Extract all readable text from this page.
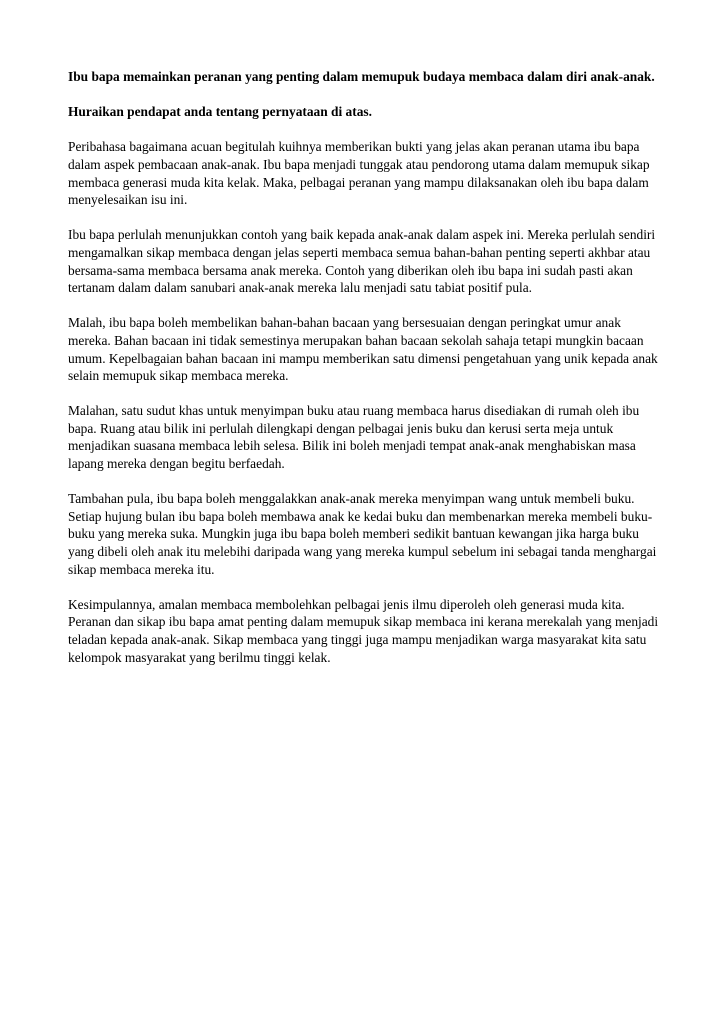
Ibu bapa memainkan peranan yang penting dalam memupuk budaya membaca dalam diri anak-anak.

Huraikan pendapat anda tentang pernyataan di atas.

Peribahasa bagaimana acuan begitulah kuihnya memberikan bukti yang jelas akan peranan utama ibu bapa dalam aspek pembacaan anak-anak. Ibu bapa menjadi tunggak atau pendorong utama dalam memupuk sikap membaca generasi muda kita kelak. Maka, pelbagai peranan yang mampu dilaksanakan oleh ibu bapa dalam menyelesaikan isu ini.

Ibu bapa perlulah menunjukkan contoh yang baik kepada anak-anak dalam aspek ini. Mereka perlulah sendiri mengamalkan sikap membaca dengan jelas seperti membaca semua bahan-bahan penting seperti akhbar atau bersama-sama membaca bersama anak mereka. Contoh yang diberikan oleh ibu bapa ini sudah pasti akan tertanam dalam dalam sanubari anak-anak mereka lalu menjadi satu tabiat positif pula.

Malah, ibu bapa boleh membelikan bahan-bahan bacaan yang bersesuaian dengan peringkat umur anak mereka. Bahan bacaan ini tidak semestinya merupakan bahan bacaan sekolah sahaja tetapi mungkin bacaan umum. Kepelbagaian bahan bacaan ini mampu memberikan satu dimensi pengetahuan yang unik kepada anak selain memupuk sikap membaca mereka.

Malahan, satu sudut khas untuk menyimpan buku atau ruang membaca harus disediakan di rumah oleh ibu bapa. Ruang atau bilik ini perlulah dilengkapi dengan pelbagai jenis buku dan kerusi serta meja untuk menjadikan suasana membaca lebih selesa. Bilik ini boleh menjadi tempat anak-anak menghabiskan masa lapang mereka dengan begitu berfaedah.

Tambahan pula, ibu bapa boleh menggalakkan anak-anak mereka menyimpan wang untuk membeli buku. Setiap hujung bulan ibu bapa boleh membawa anak ke kedai buku dan membenarkan mereka membeli buku-buku yang mereka suka. Mungkin juga ibu bapa boleh memberi sedikit bantuan kewangan jika harga buku yang dibeli oleh anak itu melebihi daripada wang yang mereka kumpul sebelum ini sebagai tanda menghargai sikap membaca mereka itu.

Kesimpulannya, amalan membaca membolehkan pelbagai jenis ilmu diperoleh oleh generasi muda kita. Peranan dan sikap ibu bapa amat penting dalam memupuk sikap membaca ini kerana merekalah yang menjadi teladan kepada anak-anak. Sikap membaca yang tinggi juga mampu menjadikan warga masyarakat kita satu kelompok masyarakat yang berilmu tinggi kelak.
